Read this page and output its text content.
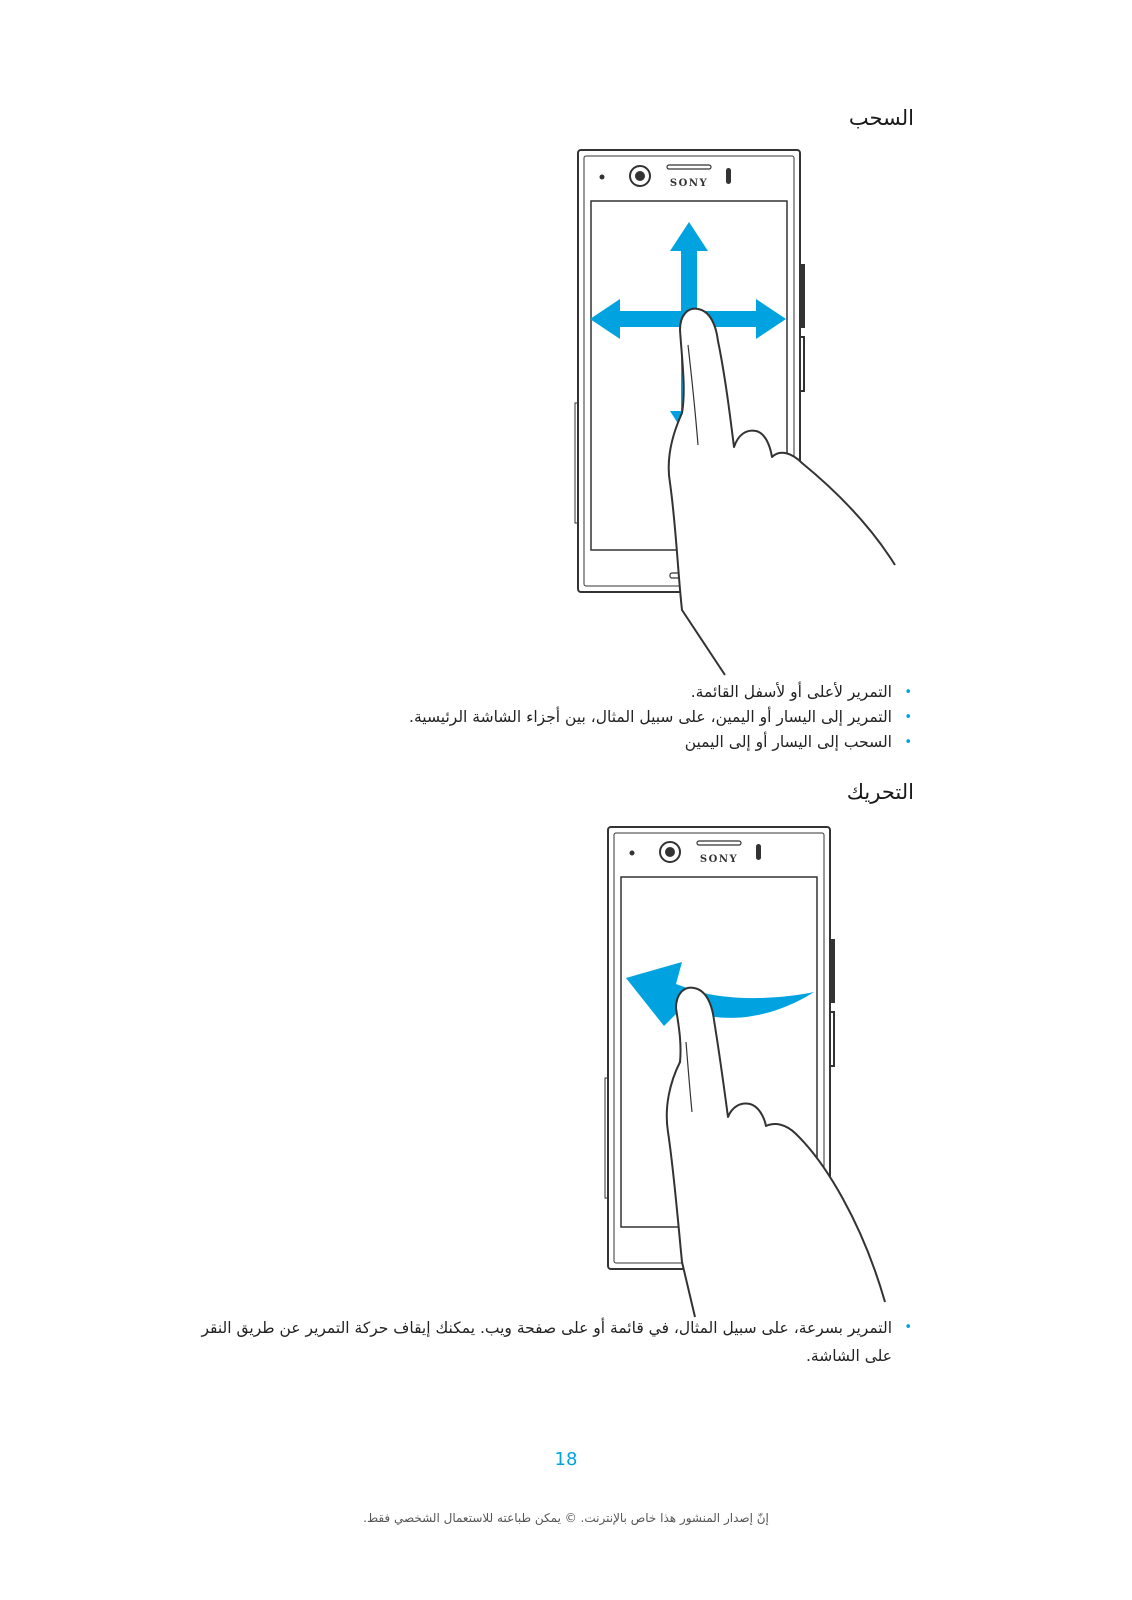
السحب
SONY
• التمرير لأعلى أو لأسفل القائمة.
• التمرير إلى اليسار أو اليمين، على سبيل المثال، بين أجزاء الشاشة الرئيسية.
• السحب إلى اليسار أو إلى اليمين
التحريك
SONY
• التمرير بسرعة، على سبيل المثال، في قائمة أو على صفحة ويب. يمكنك إيقاف حركة التمرير عن طريق النقر على الشاشة.
18
إنّ إصدار المنشور هذا خاص بالإنترنت. © يمكن طباعته للاستعمال الشخصي فقط.
